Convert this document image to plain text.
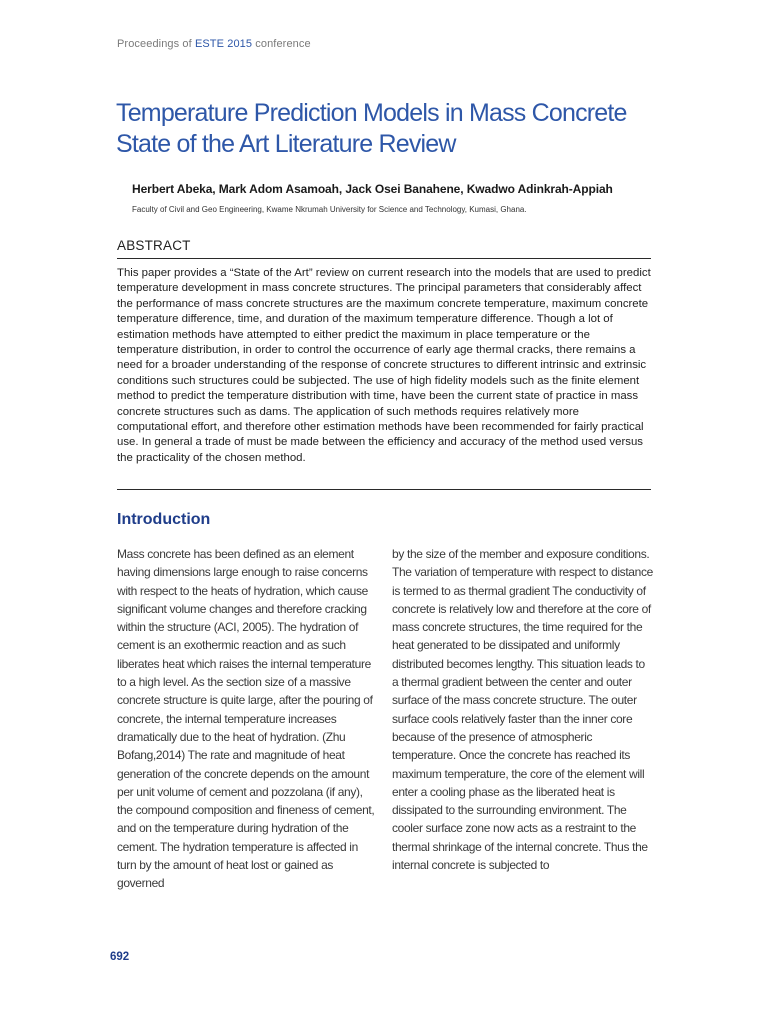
Proceedings of ESTE 2015 conference
Temperature Prediction Models in Mass Concrete State of the Art Literature Review
Herbert Abeka, Mark Adom Asamoah, Jack Osei Banahene, Kwadwo Adinkrah-Appiah
Faculty of Civil and Geo Engineering, Kwame Nkrumah University for Science and Technology, Kumasi, Ghana.
ABSTRACT

This paper provides a “State of the Art” review on current research into the models that are used to predict temperature development in mass concrete structures. The principal parameters that considerably affect the performance of mass concrete structures are the maximum concrete temperature, maximum concrete temperature difference, time, and duration of the maximum temperature difference. Though a lot of estimation methods have attempted to either predict the maximum in place temperature or the temperature distribution, in order to control the occurrence of early age thermal cracks, there remains a need for a broader understanding of the response of concrete structures to different intrinsic and extrinsic conditions such structures could be subjected. The use of high fidelity models such as the finite element method to predict the temperature distribution with time, have been the current state of practice in mass concrete structures such as dams. The application of such methods requires relatively more computational effort, and therefore other estimation methods have been recommended for fairly practical use. In general a trade of must be made between the efficiency and accuracy of the method used versus the practicality of the chosen method.

Introduction

Mass concrete has been defined as an element having dimensions large enough to raise concerns with respect to the heats of hydration, which cause significant volume changes and therefore cracking within the structure (ACI, 2005). The hydration of cement is an exothermic reaction and as such liberates heat which raises the internal temperature to a high level. As the section size of a massive concrete structure is quite large, after the pouring of concrete, the internal temperature increases dramatically due to the heat of hydration. (Zhu Bofang,2014) The rate and magnitude of heat generation of the concrete depends on the amount per unit volume of cement and pozzolana (if any), the compound composition and fineness of cement, and on the temperature during hydration of the cement. The hydration temperature is affected in turn by the amount of heat lost or gained as governed

by the size of the member and exposure conditions. The variation of temperature with respect to distance is termed to as thermal gradient The conductivity of concrete is relatively low and therefore at the core of mass concrete structures, the time required for the heat generated to be dissipated and uniformly distributed becomes lengthy. This situation leads to a thermal gradient between the center and outer surface of the mass concrete structure. The outer surface cools relatively faster than the inner core because of the presence of atmospheric temperature. Once the concrete has reached its maximum temperature, the core of the element will enter a cooling phase as the liberated heat is dissipated to the surrounding environment. The cooler surface zone now acts as a restraint to the thermal shrinkage of the internal concrete. Thus the internal concrete is subjected to

692
